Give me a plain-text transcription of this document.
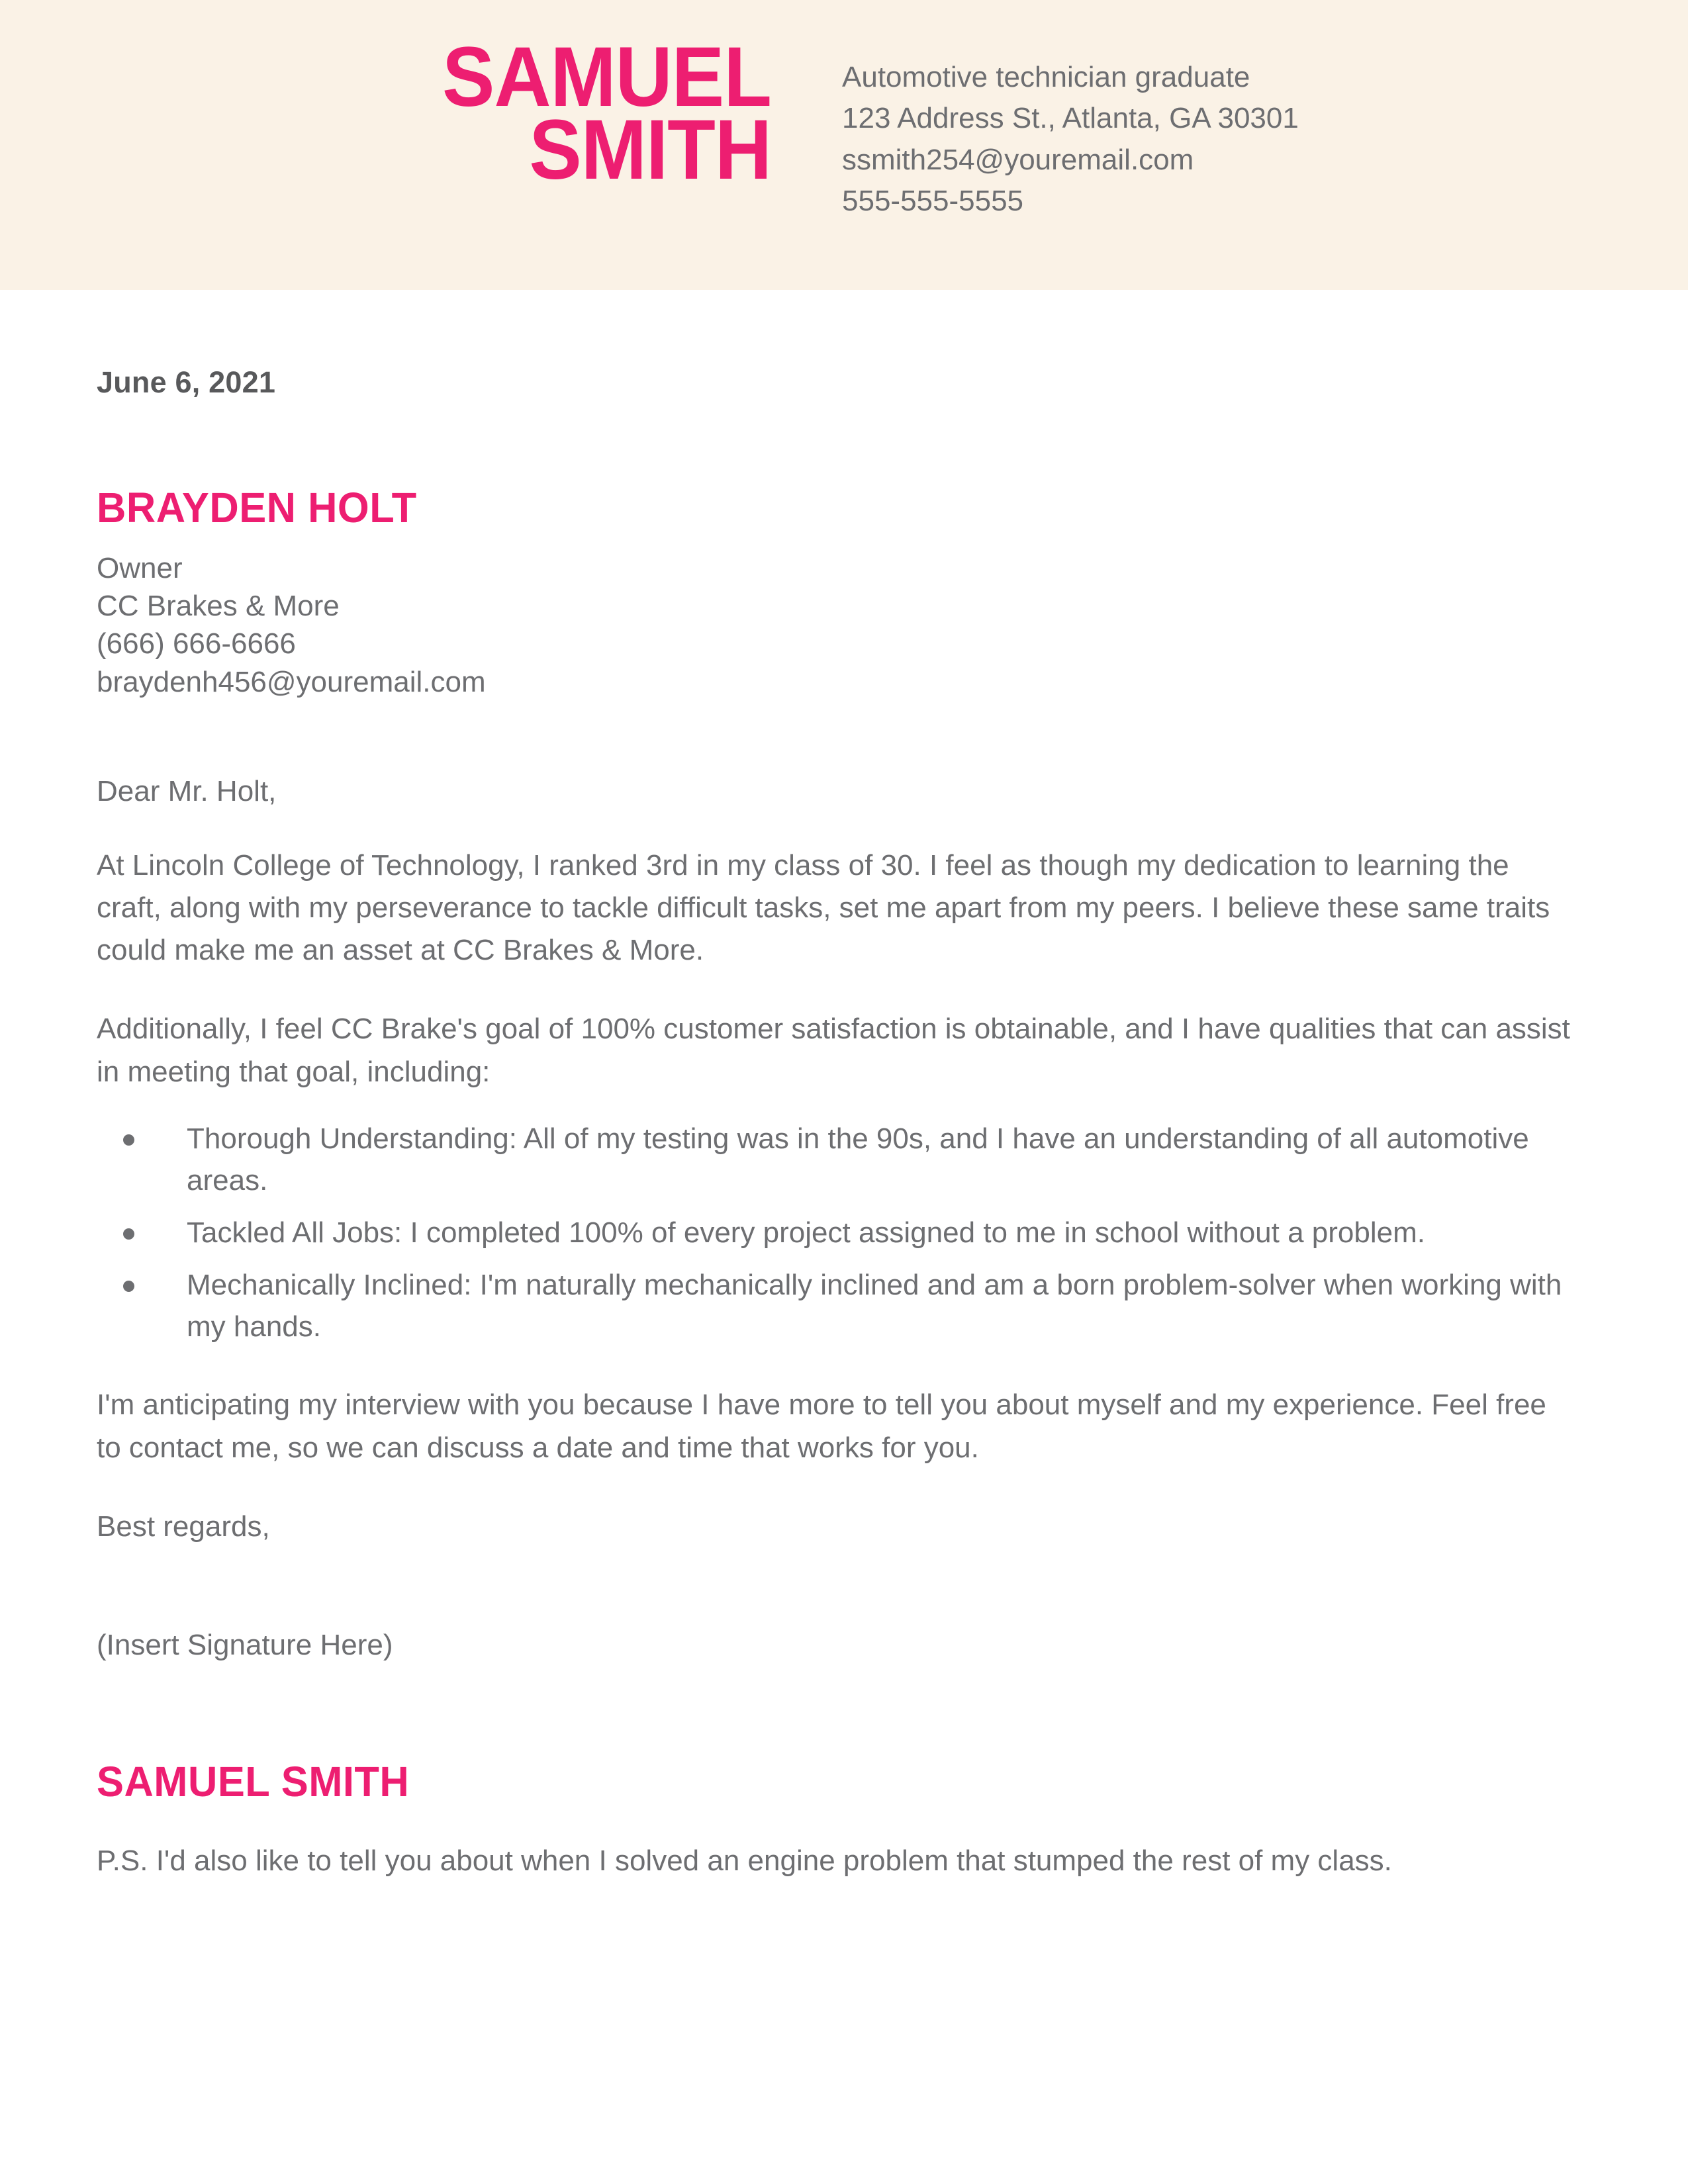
SAMUEL
SMITH
Automotive technician graduate
123 Address St., Atlanta, GA 30301
ssmith254@youremail.com
555-555-5555
June 6, 2021
BRAYDEN HOLT
Owner
CC Brakes & More
(666) 666-6666
braydenh456@youremail.com
Dear Mr. Holt,
At Lincoln College of Technology, I ranked 3rd in my class of 30. I feel as though my dedication to learning the craft, along with my perseverance to tackle difficult tasks, set me apart from my peers. I believe these same traits could make me an asset at CC Brakes & More.
Additionally, I feel CC Brake's goal of 100% customer satisfaction is obtainable, and I have qualities that can assist in meeting that goal, including:
Thorough Understanding: All of my testing was in the 90s, and I have an understanding of all automotive areas.
Tackled All Jobs: I completed 100% of every project assigned to me in school without a problem.
Mechanically Inclined: I'm naturally mechanically inclined and am a born problem-solver when working with my hands.
I'm anticipating my interview with you because I have more to tell you about myself and my experience. Feel free to contact me, so we can discuss a date and time that works for you.
Best regards,
(Insert Signature Here)
SAMUEL SMITH
P.S. I'd also like to tell you about when I solved an engine problem that stumped the rest of my class.
